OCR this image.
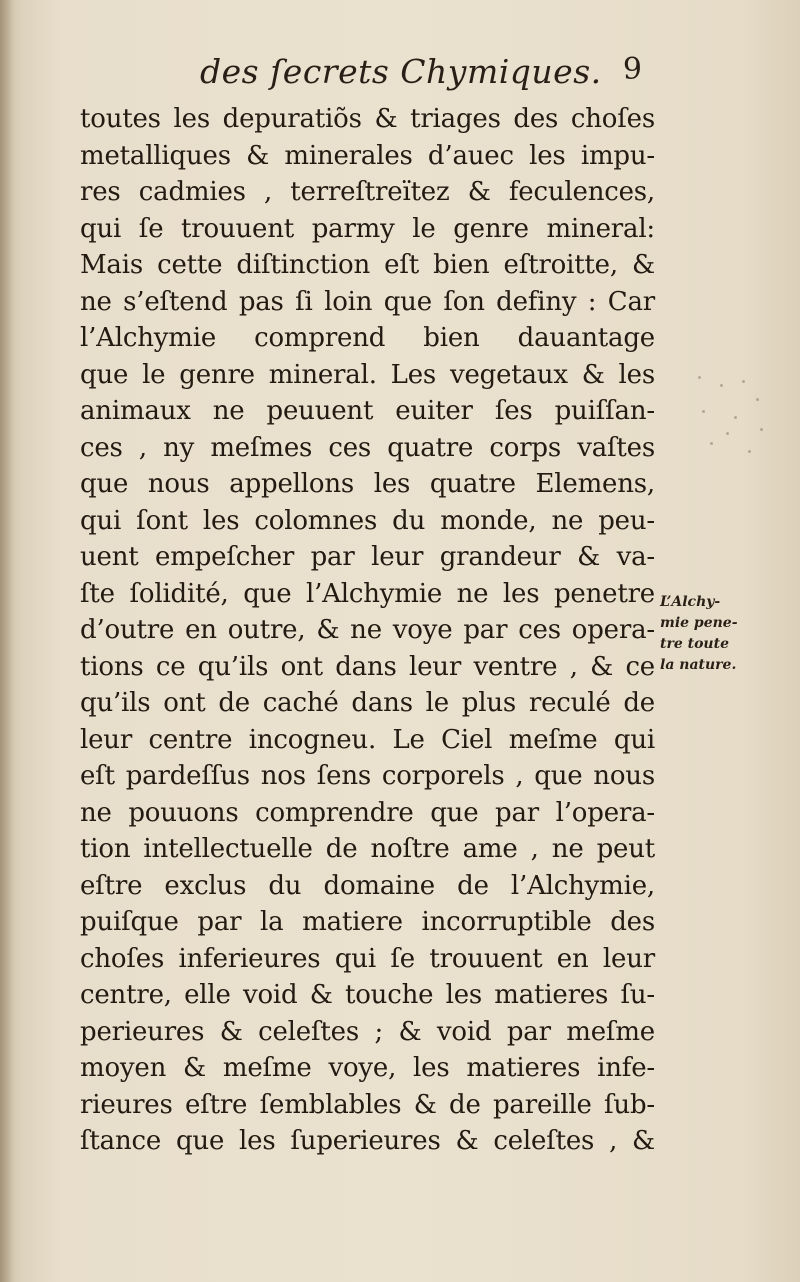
des ſecrets Chymiques. 9
toutes les depuratiõs & triages des choſes
metalliques & minerales d’auec les impu-
res cadmies , terreſtreïtez & feculences,
qui ſe trouuent parmy le genre mineral:
Mais cette diſtinction eſt bien eſtroitte, &
ne s’eſtend pas ſi loin que ſon definy : Car
l’Alchymie comprend bien dauantage
que le genre mineral. Les vegetaux & les
animaux ne peuuent euiter ſes puiſſan-
ces , ny meſmes ces quatre corps vaſtes
que nous appellons les quatre Elemens,
qui ſont les colomnes du monde, ne peu-
uent empeſcher par leur grandeur & va-
ſte ſolidité, que l’Alchymie ne les penetre
d’outre en outre, & ne voye par ces opera-
tions ce qu’ils ont dans leur ventre , & ce
qu’ils ont de caché dans le plus reculé de
leur centre incogneu. Le Ciel meſme qui
eſt pardeſſus nos ſens corporels , que nous
ne pouuons comprendre que par l’opera-
tion intellectuelle de noſtre ame , ne peut
eſtre exclus du domaine de l’Alchymie,
puiſque par la matiere incorruptible des
choſes inferieures qui ſe trouuent en leur
centre, elle void & touche les matieres ſu-
perieures & celeſtes ; & void par meſme
moyen & meſme voye, les matieres infe-
rieures eſtre ſemblables & de pareille ſub-
ſtance que les ſuperieures & celeſtes , &
L’Alchy-
mie pene-
tre toute
la nature.
